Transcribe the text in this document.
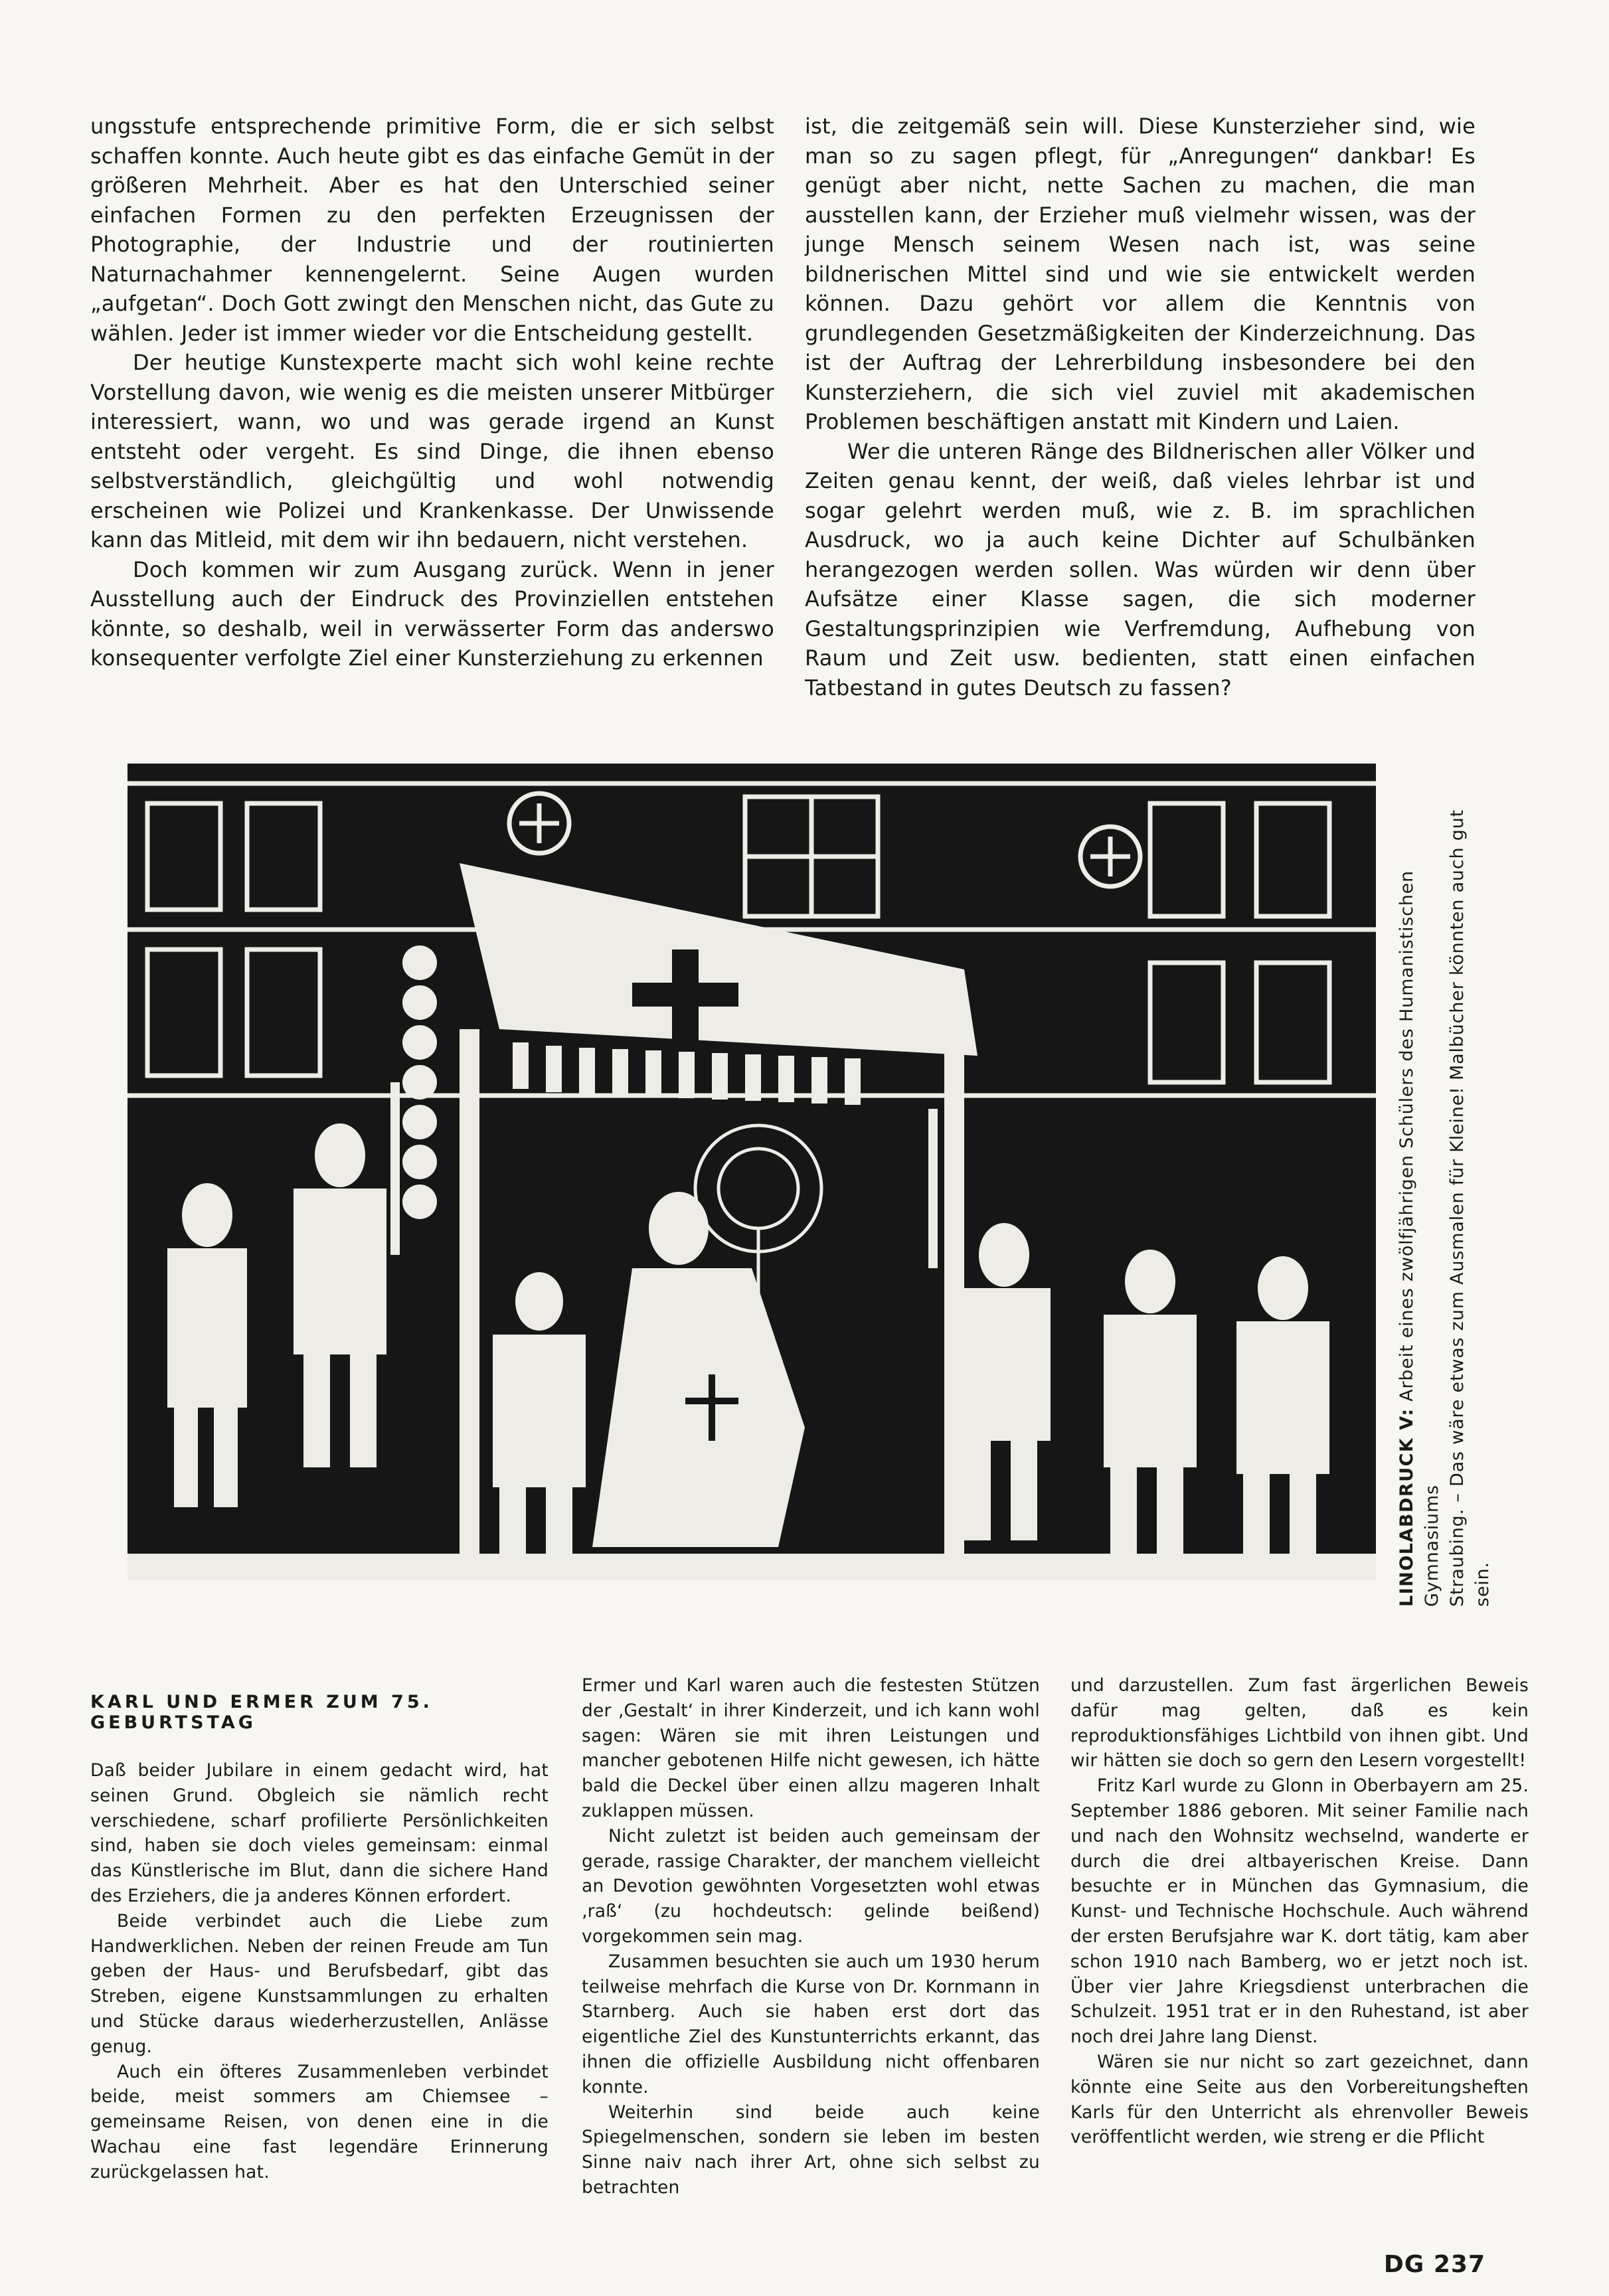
ungsstufe entsprechende primitive Form, die er sich selbst schaffen konnte. Auch heute gibt es das einfache Gemüt in der größeren Mehrheit. Aber es hat den Unterschied seiner einfachen Formen zu den perfekten Erzeugnissen der Photographie, der Industrie und der routinierten Naturnachahmer kennengelernt. Seine Augen wurden „aufgetan“. Doch Gott zwingt den Menschen nicht, das Gute zu wählen. Jeder ist immer wieder vor die Entscheidung gestellt.

Der heutige Kunstexperte macht sich wohl keine rechte Vorstellung davon, wie wenig es die meisten unserer Mitbürger interessiert, wann, wo und was gerade irgend an Kunst entsteht oder vergeht. Es sind Dinge, die ihnen ebenso selbstverständlich, gleichgültig und wohl notwendig erscheinen wie Polizei und Krankenkasse. Der Unwissende kann das Mitleid, mit dem wir ihn bedauern, nicht verstehen.

Doch kommen wir zum Ausgang zurück. Wenn in jener Ausstellung auch der Eindruck des Provinziellen entstehen könnte, so deshalb, weil in verwässerter Form das anderswo konsequenter verfolgte Ziel einer Kunsterziehung zu erkennen

ist, die zeitgemäß sein will. Diese Kunsterzieher sind, wie man so zu sagen pflegt, für „Anregungen“ dankbar! Es genügt aber nicht, nette Sachen zu machen, die man ausstellen kann, der Erzieher muß vielmehr wissen, was der junge Mensch seinem Wesen nach ist, was seine bildnerischen Mittel sind und wie sie entwickelt werden können. Dazu gehört vor allem die Kenntnis von grundlegenden Gesetzmäßigkeiten der Kinderzeichnung. Das ist der Auftrag der Lehrerbildung insbesondere bei den Kunsterziehern, die sich viel zuviel mit akademischen Problemen beschäftigen anstatt mit Kindern und Laien.

Wer die unteren Ränge des Bildnerischen aller Völker und Zeiten genau kennt, der weiß, daß vieles lehrbar ist und sogar gelehrt werden muß, wie z. B. im sprachlichen Ausdruck, wo ja auch keine Dichter auf Schulbänken herangezogen werden sollen. Was würden wir denn über Aufsätze einer Klasse sagen, die sich moderner Gestaltungsprinzipien wie Verfremdung, Aufhebung von Raum und Zeit usw. bedienten, statt einen einfachen Tatbestand in gutes Deutsch zu fassen?

LINOLABDRUCK V: Arbeit eines zwölfjährigen Schülers des Humanistischen Gymnasiums Straubing. – Das wäre etwas zum Ausmalen für Kleine! Malbücher könnten auch gut sein.
KARL UND ERMER ZUM 75. GEBURTSTAG

Daß beider Jubilare in einem gedacht wird, hat seinen Grund. Obgleich sie nämlich recht verschiedene, scharf profilierte Persönlichkeiten sind, haben sie doch vieles gemeinsam: einmal das Künstlerische im Blut, dann die sichere Hand des Erziehers, die ja anderes Können erfordert.

Beide verbindet auch die Liebe zum Handwerklichen. Neben der reinen Freude am Tun geben der Haus- und Berufsbedarf, gibt das Streben, eigene Kunstsammlungen zu erhalten und Stücke daraus wiederherzustellen, Anlässe genug.

Auch ein öfteres Zusammenleben verbindet beide, meist sommers am Chiemsee – gemeinsame Reisen, von denen eine in die Wachau eine fast legendäre Erinnerung zurückgelassen hat.

Ermer und Karl waren auch die festesten Stützen der ‚Gestalt‘ in ihrer Kinderzeit, und ich kann wohl sagen: Wären sie mit ihren Leistungen und mancher gebotenen Hilfe nicht gewesen, ich hätte bald die Deckel über einen allzu mageren Inhalt zuklappen müssen.

Nicht zuletzt ist beiden auch gemeinsam der gerade, rassige Charakter, der manchem vielleicht an Devotion gewöhnten Vorgesetzten wohl etwas ‚raß‘ (zu hochdeutsch: gelinde beißend) vorgekommen sein mag.

Zusammen besuchten sie auch um 1930 herum teilweise mehrfach die Kurse von Dr. Kornmann in Starnberg. Auch sie haben erst dort das eigentliche Ziel des Kunstunterrichts erkannt, das ihnen die offizielle Ausbildung nicht offenbaren konnte.

Weiterhin sind beide auch keine Spiegelmenschen, sondern sie leben im besten Sinne naiv nach ihrer Art, ohne sich selbst zu betrachten

und darzustellen. Zum fast ärgerlichen Beweis dafür mag gelten, daß es kein reproduktionsfähiges Lichtbild von ihnen gibt. Und wir hätten sie doch so gern den Lesern vorgestellt!

Fritz Karl wurde zu Glonn in Oberbayern am 25. September 1886 geboren. Mit seiner Familie nach und nach den Wohnsitz wechselnd, wanderte er durch die drei altbayerischen Kreise. Dann besuchte er in München das Gymnasium, die Kunst- und Technische Hochschule. Auch während der ersten Berufsjahre war K. dort tätig, kam aber schon 1910 nach Bamberg, wo er jetzt noch ist. Über vier Jahre Kriegsdienst unterbrachen die Schulzeit. 1951 trat er in den Ruhestand, ist aber noch drei Jahre lang Dienst.

Wären sie nur nicht so zart gezeichnet, dann könnte eine Seite aus den Vorbereitungsheften Karls für den Unterricht als ehrenvoller Beweis veröffentlicht werden, wie streng er die Pflicht

DG 237
